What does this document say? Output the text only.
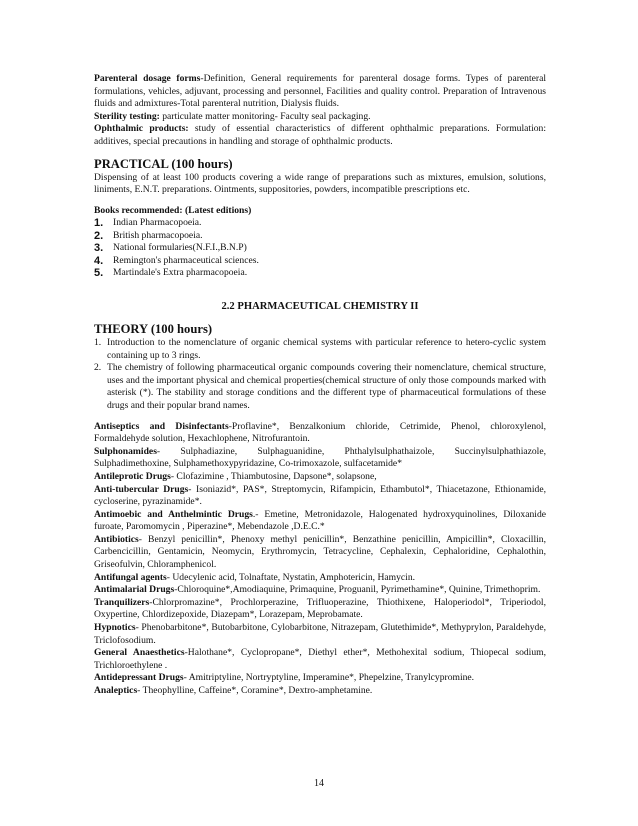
Parenteral dosage forms-Definition, General requirements for parenteral dosage forms. Types of parenteral formulations, vehicles, adjuvant, processing and personnel, Facilities and quality control. Preparation of Intravenous fluids and admixtures-Total parenteral nutrition, Dialysis fluids.

Sterility testing: particulate matter monitoring- Faculty seal packaging.

Ophthalmic products: study of essential characteristics of different ophthalmic preparations. Formulation: additives, special precautions in handling and storage of ophthalmic products.

PRACTICAL (100 hours)

Dispensing of at least 100 products covering a wide range of preparations such as mixtures, emulsion, solutions, liniments, E.N.T. preparations. Ointments, suppositories, powders, incompatible prescriptions etc.

Books recommended: (Latest editions)
1.	Indian Pharmacopoeia.
2.	British pharmacopoeia.
3.	National formularies(N.F.I.,B.N.P)
4.	Remington's pharmaceutical sciences.
5.	Martindale's Extra pharmacopoeia.
2.2 PHARMACEUTICAL CHEMISTRY II
THEORY (100 hours)
1. Introduction to the nomenclature of organic chemical systems with particular reference to hetero-cyclic system containing up to 3 rings.
2. The chemistry of following pharmaceutical organic compounds covering their nomenclature, chemical structure, uses and the important physical and chemical properties(chemical structure of only those compounds marked with asterisk (*). The stability and storage conditions and the different type of pharmaceutical formulations of these drugs and their popular brand names.

Antiseptics and Disinfectants-Proflavine*, Benzalkonium chloride, Cetrimide, Phenol, chloroxylenol, Formaldehyde solution, Hexachlophene, Nitrofurantoin.

Sulphonamides- Sulphadiazine, Sulphaguanidine, Phthalylsulphathaizole, Succinylsulphathiazole, Sulphadimethoxine, Sulphamethoxypyridazine, Co-trimoxazole, sulfacetamide*

Antileprotic Drugs- Clofazimine , Thiambutosine, Dapsone*, solapsone,

Anti-tubercular Drugs- Isoniazid*, PAS*, Streptomycin, Rifampicin, Ethambutol*, Thiacetazone, Ethionamide, cycloserine, pyrazinamide*.

Antimoebic and Anthelmintic Drugs.- Emetine, Metronidazole, Halogenated hydroxyquinolines, Diloxanide furoate, Paromomycin , Piperazine*, Mebendazole ,D.E.C.*

Antibiotics- Benzyl penicillin*, Phenoxy methyl penicillin*, Benzathine penicillin, Ampicillin*, Cloxacillin, Carbencicillin, Gentamicin, Neomycin, Erythromycin, Tetracycline, Cephalexin, Cephaloridine, Cephalothin, Griseofulvin, Chloramphenicol.

Antifungal agents- Udecylenic acid, Tolnaftate, Nystatin, Amphotericin, Hamycin.

Antimalarial Drugs-Chloroquine*,Amodiaquine, Primaquine, Proguanil, Pyrimethamine*, Quinine, Trimethoprim.

Tranquilizers-Chlorpromazine*, Prochlorperazine, Trifluoperazine, Thiothixene, Haloperiodol*, Triperiodol, Oxypertine, Chlordizepoxide, Diazepam*, Lorazepam, Meprobamate.

Hypnotics- Phenobarbitone*, Butobarbitone, Cylobarbitone, Nitrazepam, Glutethimide*, Methyprylon, Paraldehyde, Triclofosodium.

General Anaesthetics-Halothane*, Cyclopropane*, Diethyl ether*, Methohexital sodium, Thiopecal sodium, Trichloroethylene .

Antidepressant Drugs- Amitriptyline, Nortryptyline, Imperamine*, Phepelzine, Tranylcypromine.

Analeptics- Theophylline, Caffeine*, Coramine*, Dextro-amphetamine.

14
